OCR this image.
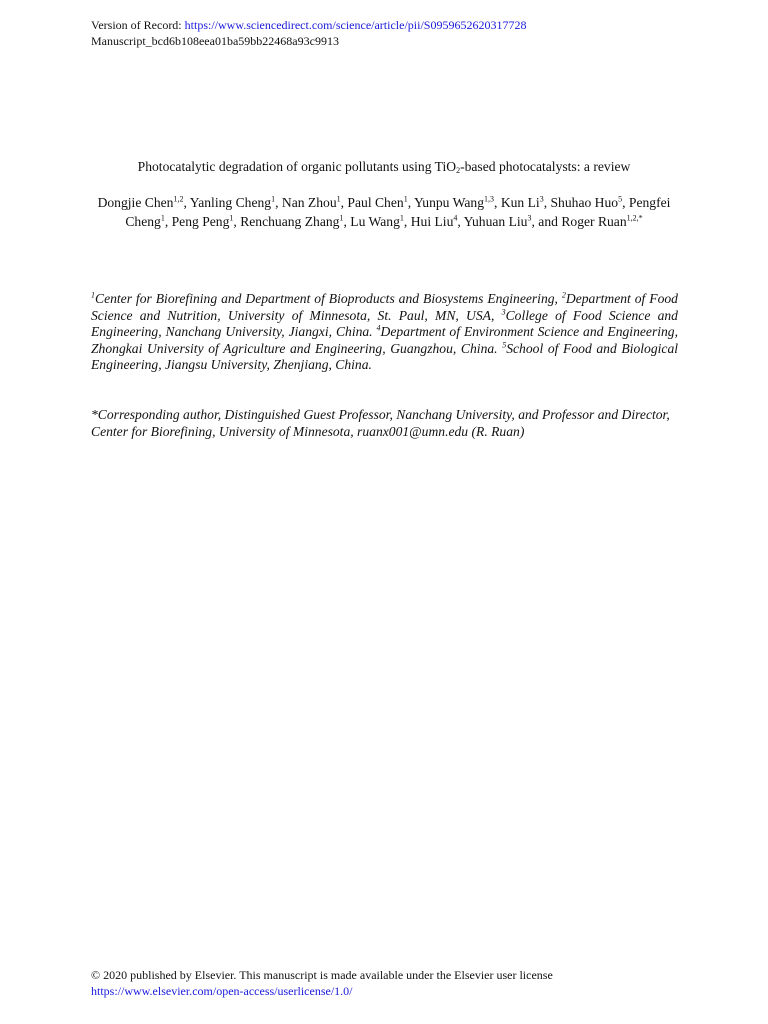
Version of Record: https://www.sciencedirect.com/science/article/pii/S0959652620317728
Manuscript_bcd6b108eea01ba59bb22468a93c9913
Photocatalytic degradation of organic pollutants using TiO$_2$-based photocatalysts: a review
Dongjie Chen$^{1,2}$, Yanling Cheng$^1$, Nan Zhou$^1$, Paul Chen$^1$, Yunpu Wang$^{1,3}$, Kun Li$^3$, Shuhao Huo$^5$, Pengfei Cheng$^1$, Peng Peng$^1$, Renchuang Zhang$^1$, Lu Wang$^1$, Hui Liu$^4$, Yuhuan Liu$^3$, and Roger Ruan$^{1,2,*}$
$^1$Center for Biorefining and Department of Bioproducts and Biosystems Engineering, $^2$Department of Food Science and Nutrition, University of Minnesota, St. Paul, MN, USA, $^3$College of Food Science and Engineering, Nanchang University, Jiangxi, China. $^4$Department of Environment Science and Engineering, Zhongkai University of Agriculture and Engineering, Guangzhou, China. $^5$School of Food and Biological Engineering, Jiangsu University, Zhenjiang, China.
*Corresponding author, Distinguished Guest Professor, Nanchang University, and Professor and Director, Center for Biorefining, University of Minnesota, ruanx001@umn.edu (R. Ruan)
© 2020 published by Elsevier. This manuscript is made available under the Elsevier user license
https://www.elsevier.com/open-access/userlicense/1.0/
